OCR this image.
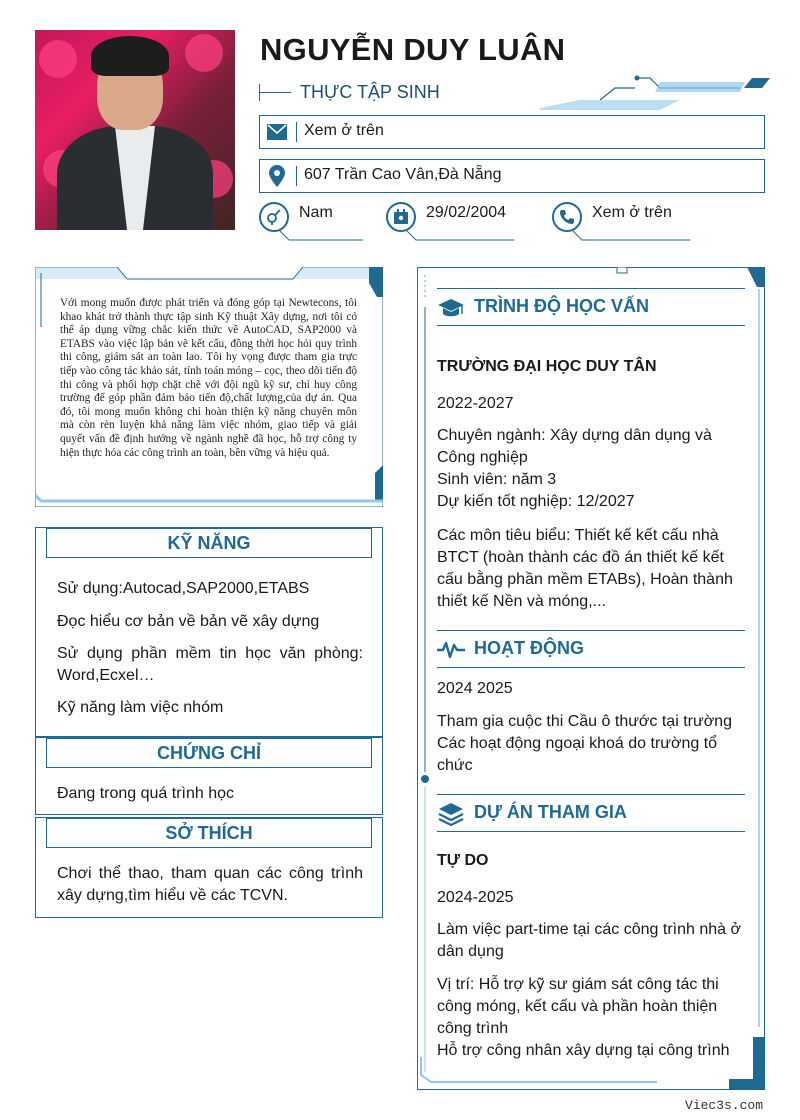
NGUYỄN DUY LUÂN
THỰC TẬP SINH
Xem ở trên
607 Trần Cao Vân,Đà Nẵng
Nam	29/02/2004	Xem ở trên
Với mong muốn được phát triển và đóng góp tại Newtecons, tôi khao khát trở thành thực tập sinh Kỹ thuật Xây dựng, nơi tôi có thể áp dụng vững chắc kiến thức về AutoCAD, SAP2000 và ETABS vào việc lập bản vẽ kết cấu, đồng thời học hỏi quy trình thi công, giám sát an toàn lao. Tôi hy vọng được tham gia trực tiếp vào công tác khảo sát, tính toán móng – cọc, theo dõi tiến độ thi công và phối hợp chặt chẽ với đội ngũ kỹ sư, chỉ huy công trường để góp phần đảm bảo tiến độ,chất lượng,của dự án. Qua đó, tôi mong muốn không chỉ hoàn thiện kỹ năng chuyên môn mà còn rèn luyện khả năng làm việc nhóm, giao tiếp và giải quyết vấn đề định hướng về ngành nghề đã học, hỗ trợ công ty hiện thực hóa các công trình an toàn, bền vững và hiệu quả.
KỸ NĂNG
Sử dụng:Autocad,SAP2000,ETABS
Đọc hiểu cơ bản về bản vẽ xây dựng
Sử dụng phần mềm tin học văn phòng: Word,Ecxel…
Kỹ năng làm việc nhóm
CHỨNG CHỈ
Đang trong quá trình học
SỞ THÍCH
Chơi thể thao, tham quan các công trình xây dựng,tìm hiểu về các TCVN.
TRÌNH ĐỘ HỌC VẤN
TRƯỜNG ĐẠI HỌC DUY TÂN
2022-2027
Chuyên ngành: Xây dựng dân dụng và Công nghiệp
Sinh viên: năm 3
Dự kiến tốt nghiệp: 12/2027
Các môn tiêu biểu: Thiết kế kết cấu nhà BTCT (hoàn thành các đồ án thiết kế kết cấu bằng phần mềm ETABs), Hoàn thành thiết kế Nền và móng,...
HOẠT ĐỘNG
2024 2025
Tham gia cuộc thi Cầu ô thước tại trường
Các hoạt động ngoại khoá do trường tổ chức
DỰ ÁN THAM GIA
TỰ DO
2024-2025
Làm việc part-time tại các công trình nhà ở dân dụng
Vị trí: Hỗ trợ kỹ sư giám sát công tác thi công móng, kết cấu và phần hoàn thiện công trình
Hỗ trợ công nhân xây dựng tại công trình
Viec3s.com
